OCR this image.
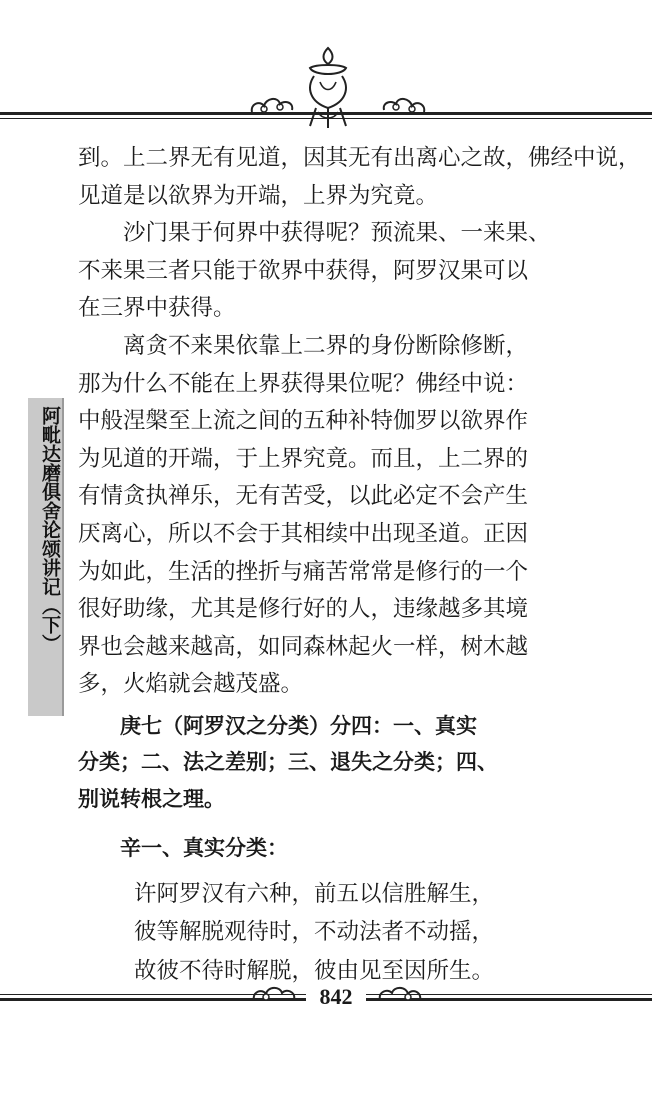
阿毗达磨俱舍论颂讲记（下）
到。上二界无有见道，因其无有出离心之故，佛经中说，
见道是以欲界为开端，上界为究竟。
　　沙门果于何界中获得呢？预流果、一来果、
不来果三者只能于欲界中获得，阿罗汉果可以
在三界中获得。
　　离贪不来果依靠上二界的身份断除修断，
那为什么不能在上界获得果位呢？佛经中说：
中般涅槃至上流之间的五种补特伽罗以欲界作
为见道的开端，于上界究竟。而且，上二界的
有情贪执禅乐，无有苦受，以此必定不会产生
厌离心，所以不会于其相续中出现圣道。正因
为如此，生活的挫折与痛苦常常是修行的一个
很好助缘，尤其是修行好的人，违缘越多其境
界也会越来越高，如同森林起火一样，树木越
多，火焰就会越茂盛。
　　庚七（阿罗汉之分类）分四：一、真实
分类；二、法之差别；三、退失之分类；四、
别说转根之理。
　　辛一、真实分类：
许阿罗汉有六种，前五以信胜解生，
彼等解脱观待时，不动法者不动摇，
故彼不待时解脱，彼由见至因所生。
842
